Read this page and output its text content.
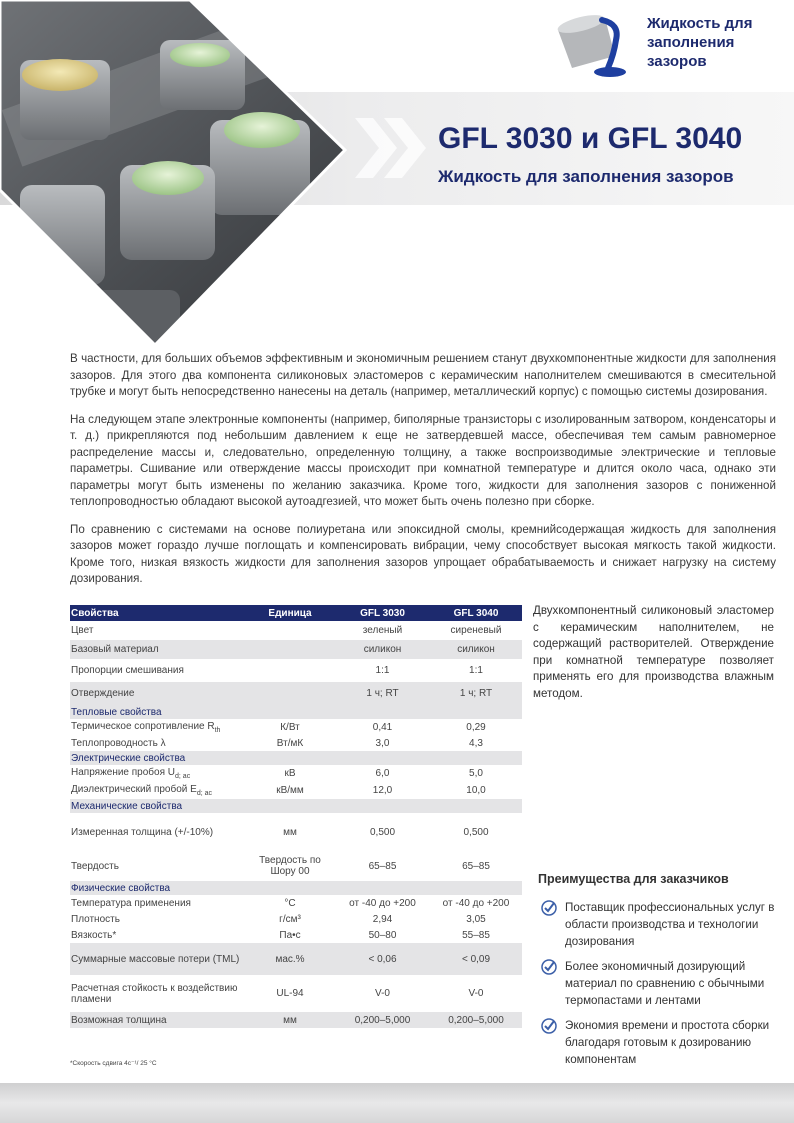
Жидкость для заполнения зазоров
GFL 3030 и GFL 3040
Жидкость для заполнения зазоров

В частности, для больших объемов эффективным и экономичным решением станут двухкомпонентные жидкости для заполнения зазоров. Для этого два компонента силиконовых эластомеров с керамическим наполнителем смешиваются в смесительной трубке и могут быть непосредственно нанесены на деталь (например, металлический корпус) с помощью системы дозирования.

На следующем этапе электронные компоненты (например, биполярные транзисторы с изолированным затвором, конденсаторы и т. д.) прикрепляются под небольшим давлением к еще не затвердевшей массе, обеспечивая тем самым равномерное распределение массы и, следовательно, определенную толщину, а также воспроизводимые электрические и тепловые параметры. Сшивание или отверждение массы происходит при комнатной температуре и длится около часа, однако эти параметры могут быть изменены по желанию заказчика. Кроме того, жидкости для заполнения зазоров с пониженной теплопроводностью обладают высокой аутоадгезией, что может быть очень полезно при сборке.

По сравнению с системами на основе полиуретана или эпоксидной смолы, кремнийсодержащая жидкость для заполнения зазоров может гораздо лучше поглощать и компенсировать вибрации, чему способствует высокая мягкость такой жидкости. Кроме того, низкая вязкость жидкости для заполнения зазоров упрощает обрабатываемость и снижает нагрузку на систему дозирования.

Свойства	Единица	GFL 3030	GFL 3040
Цвет		зеленый	сиреневый
Базовый материал		силикон	силикон
Пропорции смешивания		1:1	1:1
Отверждение		1 ч; RT	1 ч; RT
Тепловые свойства			
Термическое сопротивление $R_{th}$	К/Вт	0,41	0,29
Теплопроводность λ	Вт/мК	3,0	4,3
Электрические свойства			
Напряжение пробоя $U_{d; ac}$	кВ	6,0	5,0
Диэлектрический пробой $E_{d; ac}$	кВ/мм	12,0	10,0
Механические свойства			
Измеренная толщина (+/-10%)	мм	0,500	0,500
Твердость	Твердость по Шору 00	65–85	65–85
Физические свойства			
Температура применения	°C	от -40 до +200	от -40 до +200
Плотность	г/см³	2,94	3,05
Вязкость*	Па•с	50–80	55–85
Суммарные массовые потери (TML)	мас.%	< 0,06	< 0,09
Расчетная стойкость к воздействию пламени	UL-94	V-0	V-0
Возможная толщина	мм	0,200–5,000	0,200–5,000
*Скорость сдвига 4c⁻¹/ 25 °C
Двухкомпонентный силиконовый эластомер с керамическим наполнителем, не содержащий растворителей. Отверждение при комнатной температуре позволяет применять его для производства влажным методом.
Преимущества для заказчиков
Поставщик профессиональных услуг в области производства и технологии дозирования
Более экономичный дозирующий материал по сравнению с обычными термопастами и лентами
Экономия времени и простота сборки благодаря готовым к дозированию компонентам
